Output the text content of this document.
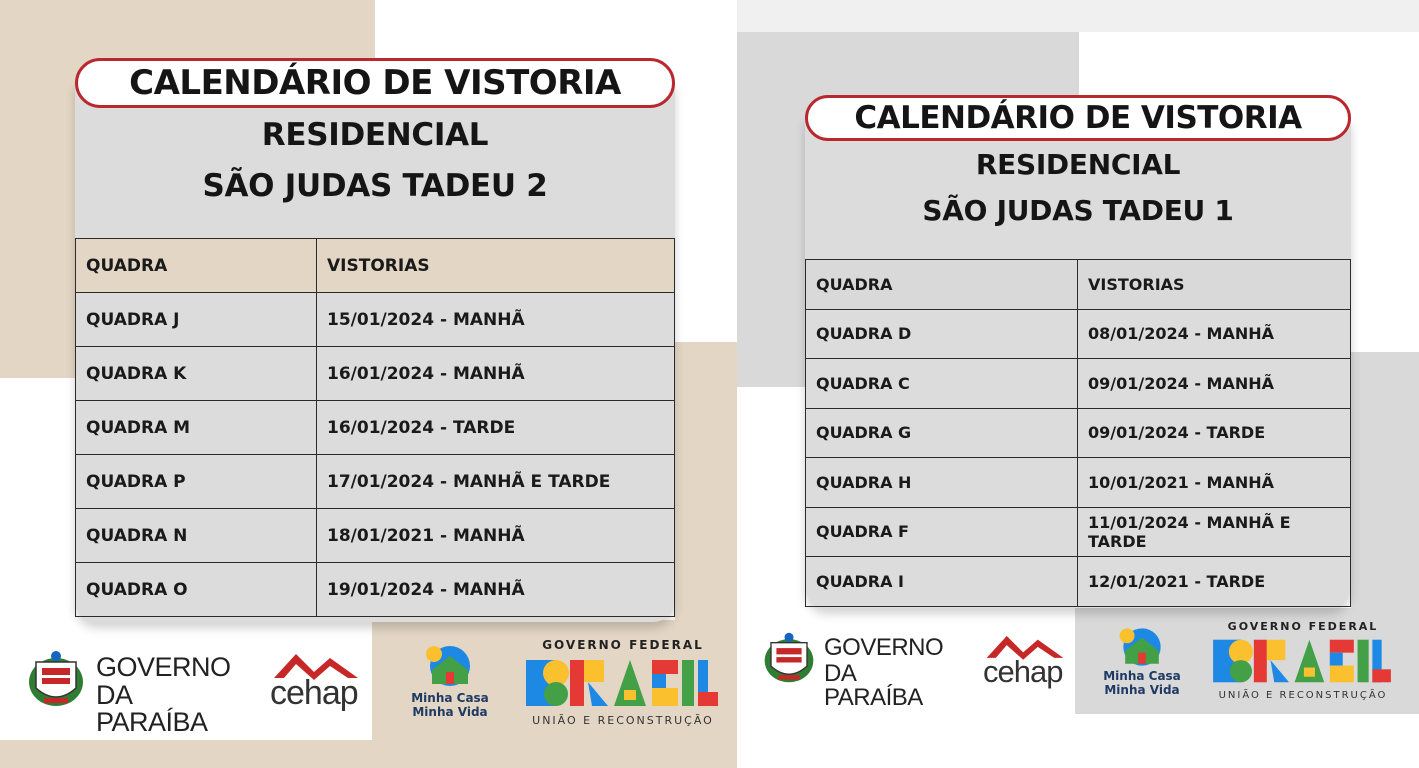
CALENDÁRIO DE VISTORIA
RESIDENCIAL
SÃO JUDAS TADEU 2
QUADRA	VISTORIAS
QUADRA J	15/01/2024 - MANHÃ
QUADRA K	16/01/2024 - MANHÃ
QUADRA M	16/01/2024 - TARDE
QUADRA P	17/01/2024 - MANHÃ E TARDE
QUADRA N	18/01/2021 - MANHÃ
QUADRA O	19/01/2024 - MANHÃ
GOVERNO
DA PARAÍBA
cehap	Minha Casa
Minha Vida
GOVERNO FEDERAL
UNIÃO E RECONSTRUÇÃO
CALENDÁRIO DE VISTORIA
RESIDENCIAL
SÃO JUDAS TADEU 1
QUADRA	VISTORIAS
QUADRA D	08/01/2024 - MANHÃ
QUADRA C	09/01/2024 - MANHÃ
QUADRA G	09/01/2024 - TARDE
QUADRA H	10/01/2021 - MANHÃ
QUADRA F	11/01/2024 - MANHÃ E TARDE
QUADRA I	12/01/2021 - TARDE
GOVERNO
DA PARAÍBA
cehap	Minha Casa
Minha Vida
GOVERNO FEDERAL
UNIÃO E RECONSTRUÇÃO
